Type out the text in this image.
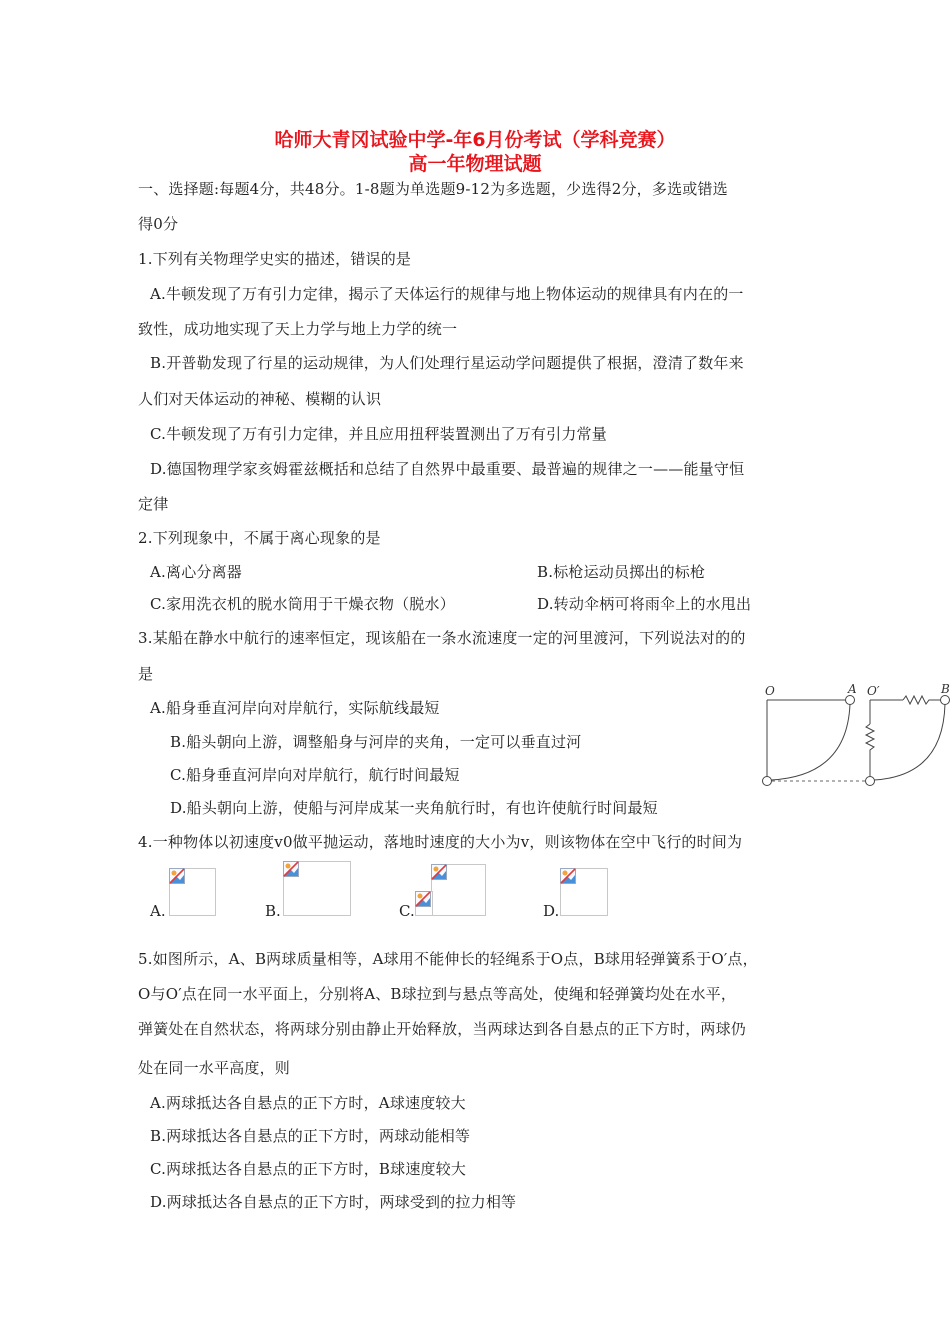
哈师大青冈试验中学-年6月份考试（学科竞赛）
高一年物理试题
一、选择题:每题4分，共48分。1-8题为单选题9-12为多选题，少选得2分，多选或错选
得0分
1.下列有关物理学史实的描述，错误的是
A.牛顿发现了万有引力定律，揭示了天体运行的规律与地上物体运动的规律具有内在的一
致性，成功地实现了天上力学与地上力学的统一
B.开普勒发现了行星的运动规律，为人们处理行星运动学问题提供了根据，澄清了数年来
人们对天体运动的神秘、模糊的认识
C.牛顿发现了万有引力定律，并且应用扭秤装置测出了万有引力常量
D.德国物理学家亥姆霍兹概括和总结了自然界中最重要、最普遍的规律之一——能量守恒
定律
2.下列现象中，不属于离心现象的是
A.离心分离器	B.标枪运动员掷出的标枪
C.家用洗衣机的脱水筒用于干燥衣物（脱水）	D.转动伞柄可将雨伞上的水甩出
3.某船在静水中航行的速率恒定，现该船在一条水流速度一定的河里渡河，下列说法对的的
是
A.船身垂直河岸向对岸航行，实际航线最短
B.船头朝向上游，调整船身与河岸的夹角，一定可以垂直过河
C.船身垂直河岸向对岸航行，航行时间最短
D.船头朝向上游，使船与河岸成某一夹角航行时，有也许使航行时间最短
O	A O′	B
4.一种物体以初速度v0做平抛运动，落地时速度的大小为v，则该物体在空中飞行的时间为
A.	B.	C.	D.
5.如图所示，A、B两球质量相等，A球用不能伸长的轻绳系于O点，B球用轻弹簧系于O′点，
O与O′点在同一水平面上，分别将A、B球拉到与悬点等高处，使绳和轻弹簧均处在水平，
弹簧处在自然状态，将两球分别由静止开始释放，当两球达到各自悬点的正下方时，两球仍
处在同一水平高度，则
A.两球抵达各自悬点的正下方时，A球速度较大
B.两球抵达各自悬点的正下方时，两球动能相等
C.两球抵达各自悬点的正下方时，B球速度较大
D.两球抵达各自悬点的正下方时，两球受到的拉力相等
